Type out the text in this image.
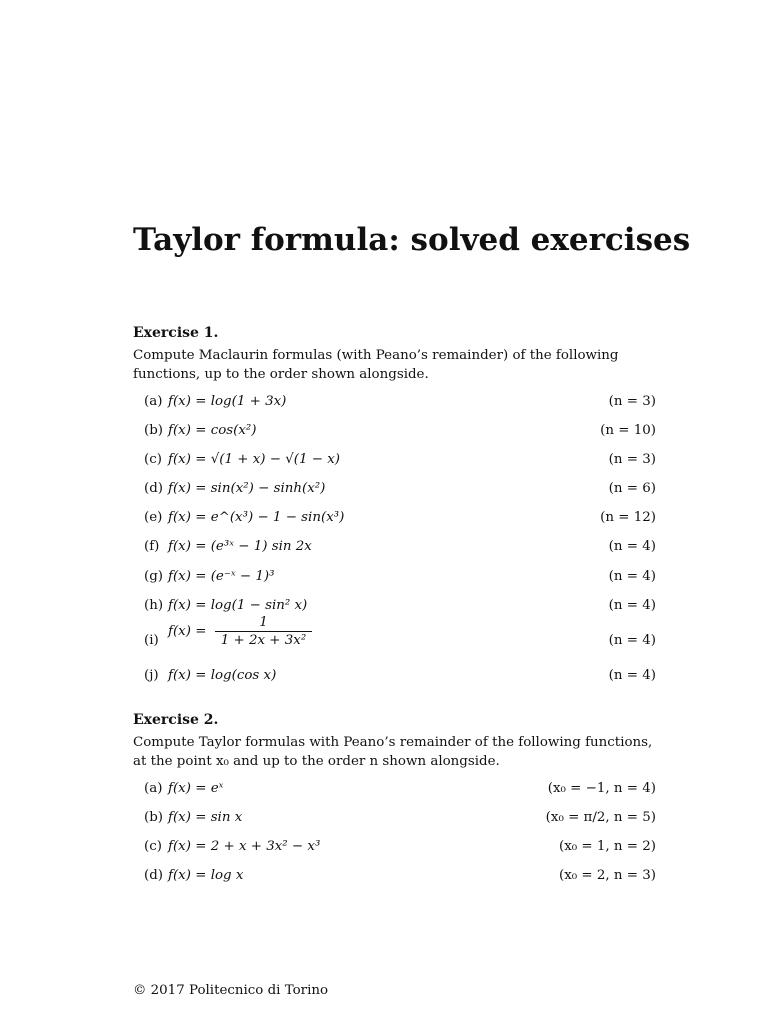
Taylor formula: solved exercises
Exercise 1.
Compute Maclaurin formulas (with Peano’s remainder) of the following functions, up to the order shown alongside.
(a) f(x) = log(1 + 3x)	(n = 3)
(b) f(x) = cos(x²)	(n = 10)
(c) f(x) = √(1 + x) − √(1 − x)	(n = 3)
(d) f(x) = sin(x²) − sinh(x²)	(n = 6)
(e) f(x) = e^(x³) − 1 − sin(x³)	(n = 12)
(f) f(x) = (e³ˣ − 1) sin 2x	(n = 4)
(g) f(x) = (e⁻ˣ − 1)³	(n = 4)
(h) f(x) = log(1 − sin² x)	(n = 4)
(i)
$f(x) = \frac{1}{\text{1 + 2x + 3x²}}$	(n = 4)
(j) f(x) = log(cos x)	(n = 4)
Exercise 2.
Compute Taylor formulas with Peano’s remainder of the following functions, at the point x₀ and up to the order n shown alongside.
(a) f(x) = eˣ	(x₀ = −1, n = 4)
(b) f(x) = sin x	(x₀ = π/2, n = 5)
(c) f(x) = 2 + x + 3x² − x³	(x₀ = 1, n = 2)
(d) f(x) = log x	(x₀ = 2, n = 3)
© 2017 Politecnico di Torino
